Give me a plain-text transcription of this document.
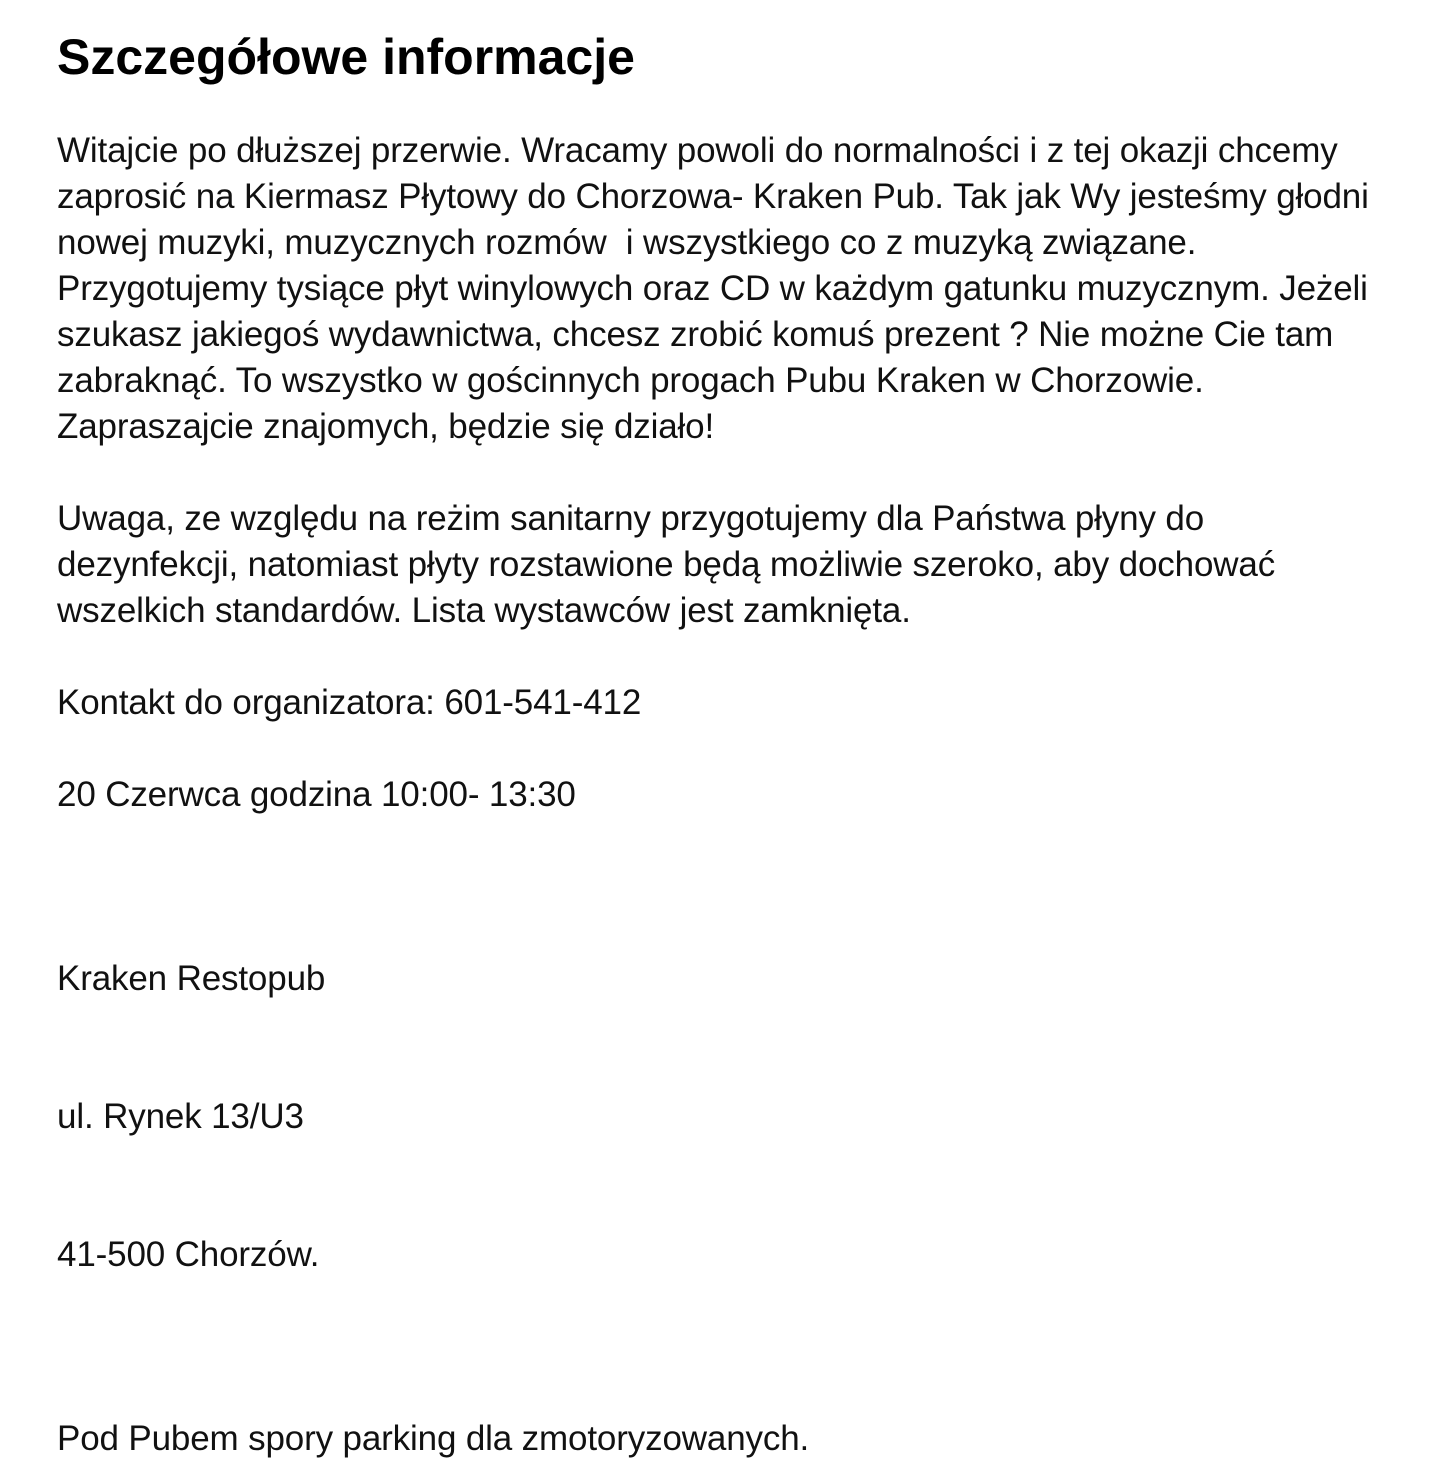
Szczegółowe informacje

Witajcie po dłuższej przerwie. Wracamy powoli do normalności i z tej okazji chcemy  zaprosić na Kiermasz Płytowy do Chorzowa- Kraken Pub. Tak jak Wy jesteśmy głodni nowej muzyki, muzycznych rozmów  i wszystkiego co z muzyką związane. Przygotujemy tysiące płyt winylowych oraz CD w każdym gatunku muzycznym. Jeżeli szukasz jakiegoś wydawnictwa, chcesz zrobić komuś prezent ? Nie możne Cie tam zabraknąć. To wszystko w gościnnych progach Pubu Kraken w Chorzowie.  Zapraszajcie znajomych, będzie się działo!

Uwaga, ze względu na reżim sanitarny przygotujemy dla Państwa płyny do dezynfekcji, natomiast płyty rozstawione będą możliwie szeroko, aby dochować wszelkich standardów. Lista wystawców jest zamknięta.

Kontakt do organizatora: 601-541-412

20 Czerwca godzina 10:00- 13:30

Kraken Restopub

ul. Rynek 13/U3

41-500 Chorzów.

Pod Pubem spory parking dla zmotoryzowanych.
